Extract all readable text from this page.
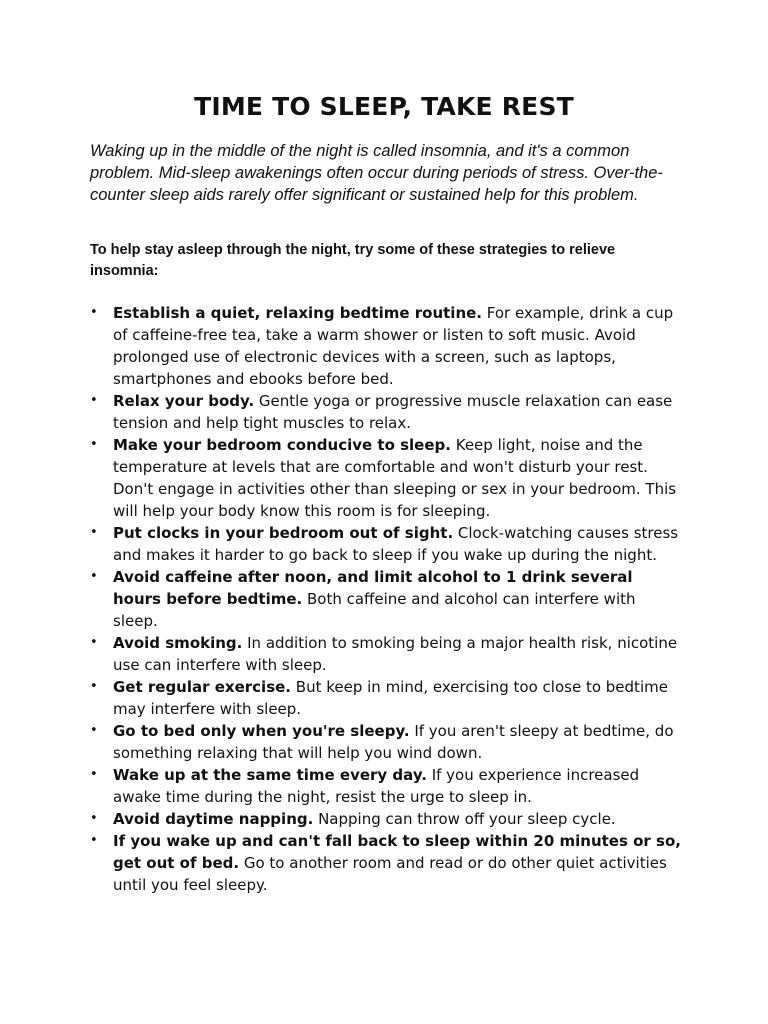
TIME TO SLEEP, TAKE REST

Waking up in the middle of the night is called insomnia, and it's a common problem. Mid-sleep awakenings often occur during periods of stress. Over-the-counter sleep aids rarely offer significant or sustained help for this problem.

To help stay asleep through the night, try some of these strategies to relieve insomnia:

• Establish a quiet, relaxing bedtime routine. For example, drink a cup of caffeine-free tea, take a warm shower or listen to soft music. Avoid prolonged use of electronic devices with a screen, such as laptops, smartphones and ebooks before bed.
• Relax your body. Gentle yoga or progressive muscle relaxation can ease tension and help tight muscles to relax.
• Make your bedroom conducive to sleep. Keep light, noise and the temperature at levels that are comfortable and won't disturb your rest. Don't engage in activities other than sleeping or sex in your bedroom. This will help your body know this room is for sleeping.
• Put clocks in your bedroom out of sight. Clock-watching causes stress and makes it harder to go back to sleep if you wake up during the night.
• Avoid caffeine after noon, and limit alcohol to 1 drink several hours before bedtime. Both caffeine and alcohol can interfere with sleep.
• Avoid smoking. In addition to smoking being a major health risk, nicotine use can interfere with sleep.
• Get regular exercise. But keep in mind, exercising too close to bedtime may interfere with sleep.
• Go to bed only when you're sleepy. If you aren't sleepy at bedtime, do something relaxing that will help you wind down.
• Wake up at the same time every day. If you experience increased awake time during the night, resist the urge to sleep in.
• Avoid daytime napping. Napping can throw off your sleep cycle.
• If you wake up and can't fall back to sleep within 20 minutes or so, get out of bed. Go to another room and read or do other quiet activities until you feel sleepy.
